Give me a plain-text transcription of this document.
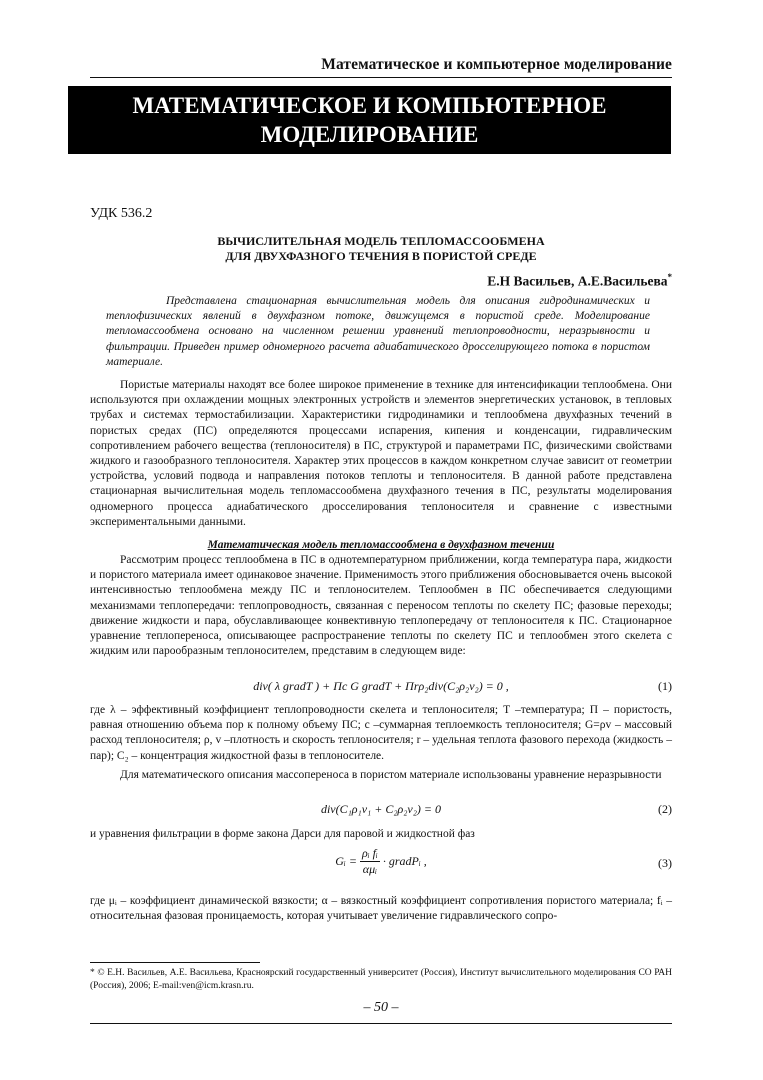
Математическое и компьютерное моделирование
МАТЕМАТИЧЕСКОЕ И КОМПЬЮТЕРНОЕ
МОДЕЛИРОВАНИЕ
УДК 536.2
ВЫЧИСЛИТЕЛЬНАЯ МОДЕЛЬ ТЕПЛОМАССООБМЕНА
ДЛЯ ДВУХФАЗНОГО ТЕЧЕНИЯ В ПОРИСТОЙ СРЕДЕ
Е.Н Васильев, А.Е.Васильева*
Представлена стационарная вычислительная модель для описания гидродинамических и теплофизических явлений в двухфазном потоке, движущемся в пористой среде. Моделирование тепломассообмена основано на численном решении уравнений теплопроводности, неразрывности и фильтрации. Приведен пример одномерного расчета адиабатического дросселирующего потока в пористом материале.
Пористые материалы находят все более широкое применение в технике для интенсификации теплообмена. Они используются при охлаждении мощных электронных устройств и элементов энергетических установок, в тепловых трубах и системах термостабилизации. Характеристики гидродинамики и теплообмена двухфазных течений в пористых средах (ПС) определяются процессами испарения, кипения и конденсации, гидравлическим сопротивлением рабочего вещества (теплоносителя) в ПС, структурой и параметрами ПС, физическими свойствами жидкого и газообразного теплоносителя. Характер этих процессов в каждом конкретном случае зависит от геометрии устройства, условий подвода и направления потоков теплоты и теплоносителя. В данной работе представлена стационарная вычислительная модель тепломассообмена двухфазного течения в ПС, результаты моделирования одномерного процесса адиабатического дросселирования теплоносителя и сравнение с известными экспериментальными данными.
Математическая модель тепломассообмена в двухфазном течении
Рассмотрим процесс теплообмена в ПС в однотемпературном приближении, когда температура пара, жидкости и пористого материала имеет одинаковое значение. Применимость этого приближения обосновывается очень высокой интенсивностью теплообмена между ПС и теплоносителем. Теплообмен в ПС обеспечивается следующими механизмами теплопередачи: теплопроводность, связанная с переносом теплоты по скелету ПС; фазовые переходы; движение жидкости и пара, обуславливающее конвективную теплопередачу от теплоносителя к ПС. Стационарное уравнение теплопереноса, описывающее распространение теплоты по скелету ПС и теплообмен этого скелета с жидким или парообразным теплоносителем, представим в следующем виде:
div( λ gradT ) + Пс G gradT + Пrρ₂div(C₂ρ₂v₂) = 0 ,	(1)
где λ – эффективный коэффициент теплопроводности скелета и теплоносителя; T –температура; П – пористость, равная отношению объема пор к полному объему ПС; c –суммарная теплоемкость теплоносителя; G=ρv – массовый расход теплоносителя; ρ, v –плотность и скорость теплоносителя; r – удельная теплота фазового перехода (жидкость – пар); C₂ – концентрация жидкостной фазы в теплоносителе.
Для математического описания массопереноса в пористом материале использованы уравнение неразрывности
div(C₁ρ₁v₁ + C₂ρ₂v₂) = 0	(2)
и уравнения фильтрации в форме закона Дарси для паровой и жидкостной фаз
Gᵢ = $\frac{\text{ρᵢ fᵢ}}{\text{αμᵢ}}$ · gradPᵢ ,	(3)
где μᵢ – коэффициент динамической вязкости; α – вязкостный коэффициент сопротивления пористого материала; fᵢ – относительная фазовая проницаемость, которая учитывает увеличение гидравлического сопро-
* © Е.Н. Васильев, А.Е. Васильева, Красноярский государственный университет (Россия), Институт вычислительного моделирования СО РАН (Россия), 2006; E-mail:ven@icm.krasn.ru.
– 50 –
